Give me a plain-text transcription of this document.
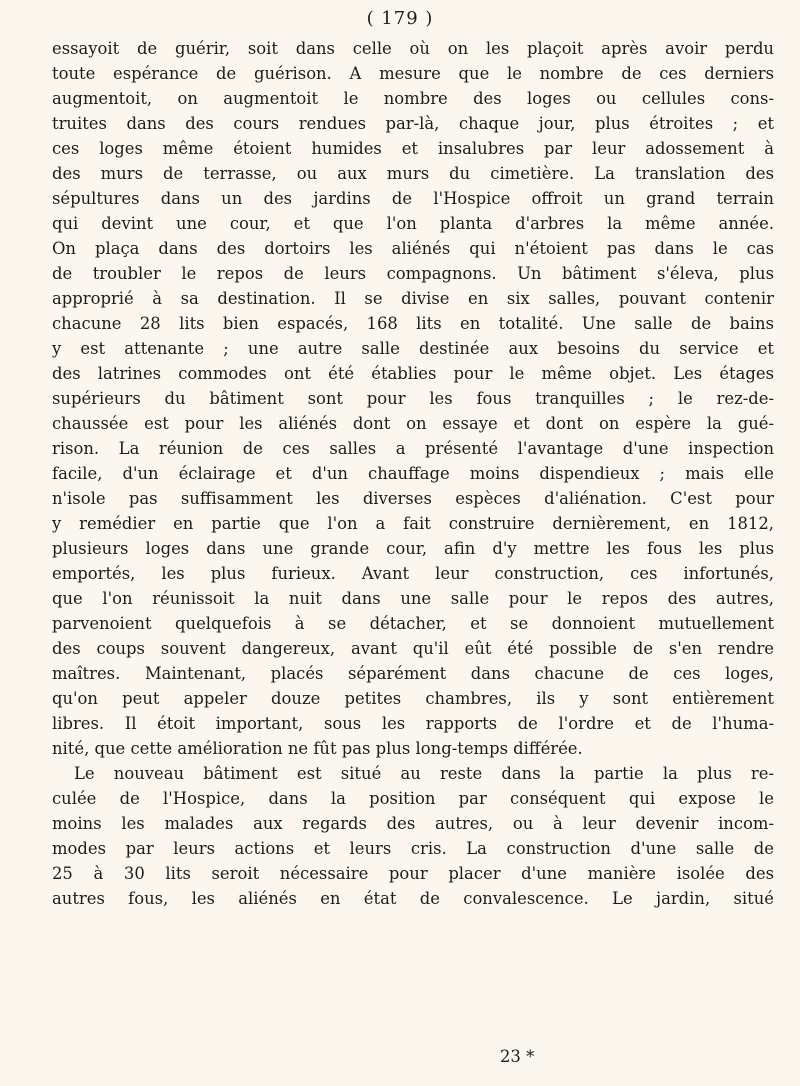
( 179 )
essayoit de guérir, soit dans celle où on les plaçoit après avoir perdu
toute espérance de guérison. A mesure que le nombre de ces derniers
augmentoit, on augmentoit le nombre des loges ou cellules cons-
truites dans des cours rendues par-là, chaque jour, plus étroites ; et
ces loges même étoient humides et insalubres par leur adossement à
des murs de terrasse, ou aux murs du cimetière. La translation des
sépultures dans un des jardins de l'Hospice offroit un grand terrain
qui devint une cour, et que l'on planta d'arbres la même année.
On plaça dans des dortoirs les aliénés qui n'étoient pas dans le cas
de troubler le repos de leurs compagnons. Un bâtiment s'éleva, plus
approprié à sa destination. Il se divise en six salles, pouvant contenir
chacune 28 lits bien espacés, 168 lits en totalité. Une salle de bains
y est attenante ; une autre salle destinée aux besoins du service et
des latrines commodes ont été établies pour le même objet. Les étages
supérieurs du bâtiment sont pour les fous tranquilles ; le rez-de-
chaussée est pour les aliénés dont on essaye et dont on espère la gué-
rison. La réunion de ces salles a présenté l'avantage d'une inspection
facile, d'un éclairage et d'un chauffage moins dispendieux ; mais elle
n'isole pas suffisamment les diverses espèces d'aliénation. C'est pour
y remédier en partie que l'on a fait construire dernièrement, en 1812,
plusieurs loges dans une grande cour, afin d'y mettre les fous les plus
emportés, les plus furieux. Avant leur construction, ces infortunés,
que l'on réunissoit la nuit dans une salle pour le repos des autres,
parvenoient quelquefois à se détacher, et se donnoient mutuellement
des coups souvent dangereux, avant qu'il eût été possible de s'en rendre
maîtres. Maintenant, placés séparément dans chacune de ces loges,
qu'on peut appeler douze petites chambres, ils y sont entièrement
libres. Il étoit important, sous les rapports de l'ordre et de l'huma-
nité, que cette amélioration ne fût pas plus long-temps différée.
Le nouveau bâtiment est situé au reste dans la partie la plus re-
culée de l'Hospice, dans la position par conséquent qui expose le
moins les malades aux regards des autres, ou à leur devenir incom-
modes par leurs actions et leurs cris. La construction d'une salle de
25 à 30 lits seroit nécessaire pour placer d'une manière isolée des
autres fous, les aliénés en état de convalescence. Le jardin, situé
23 *
